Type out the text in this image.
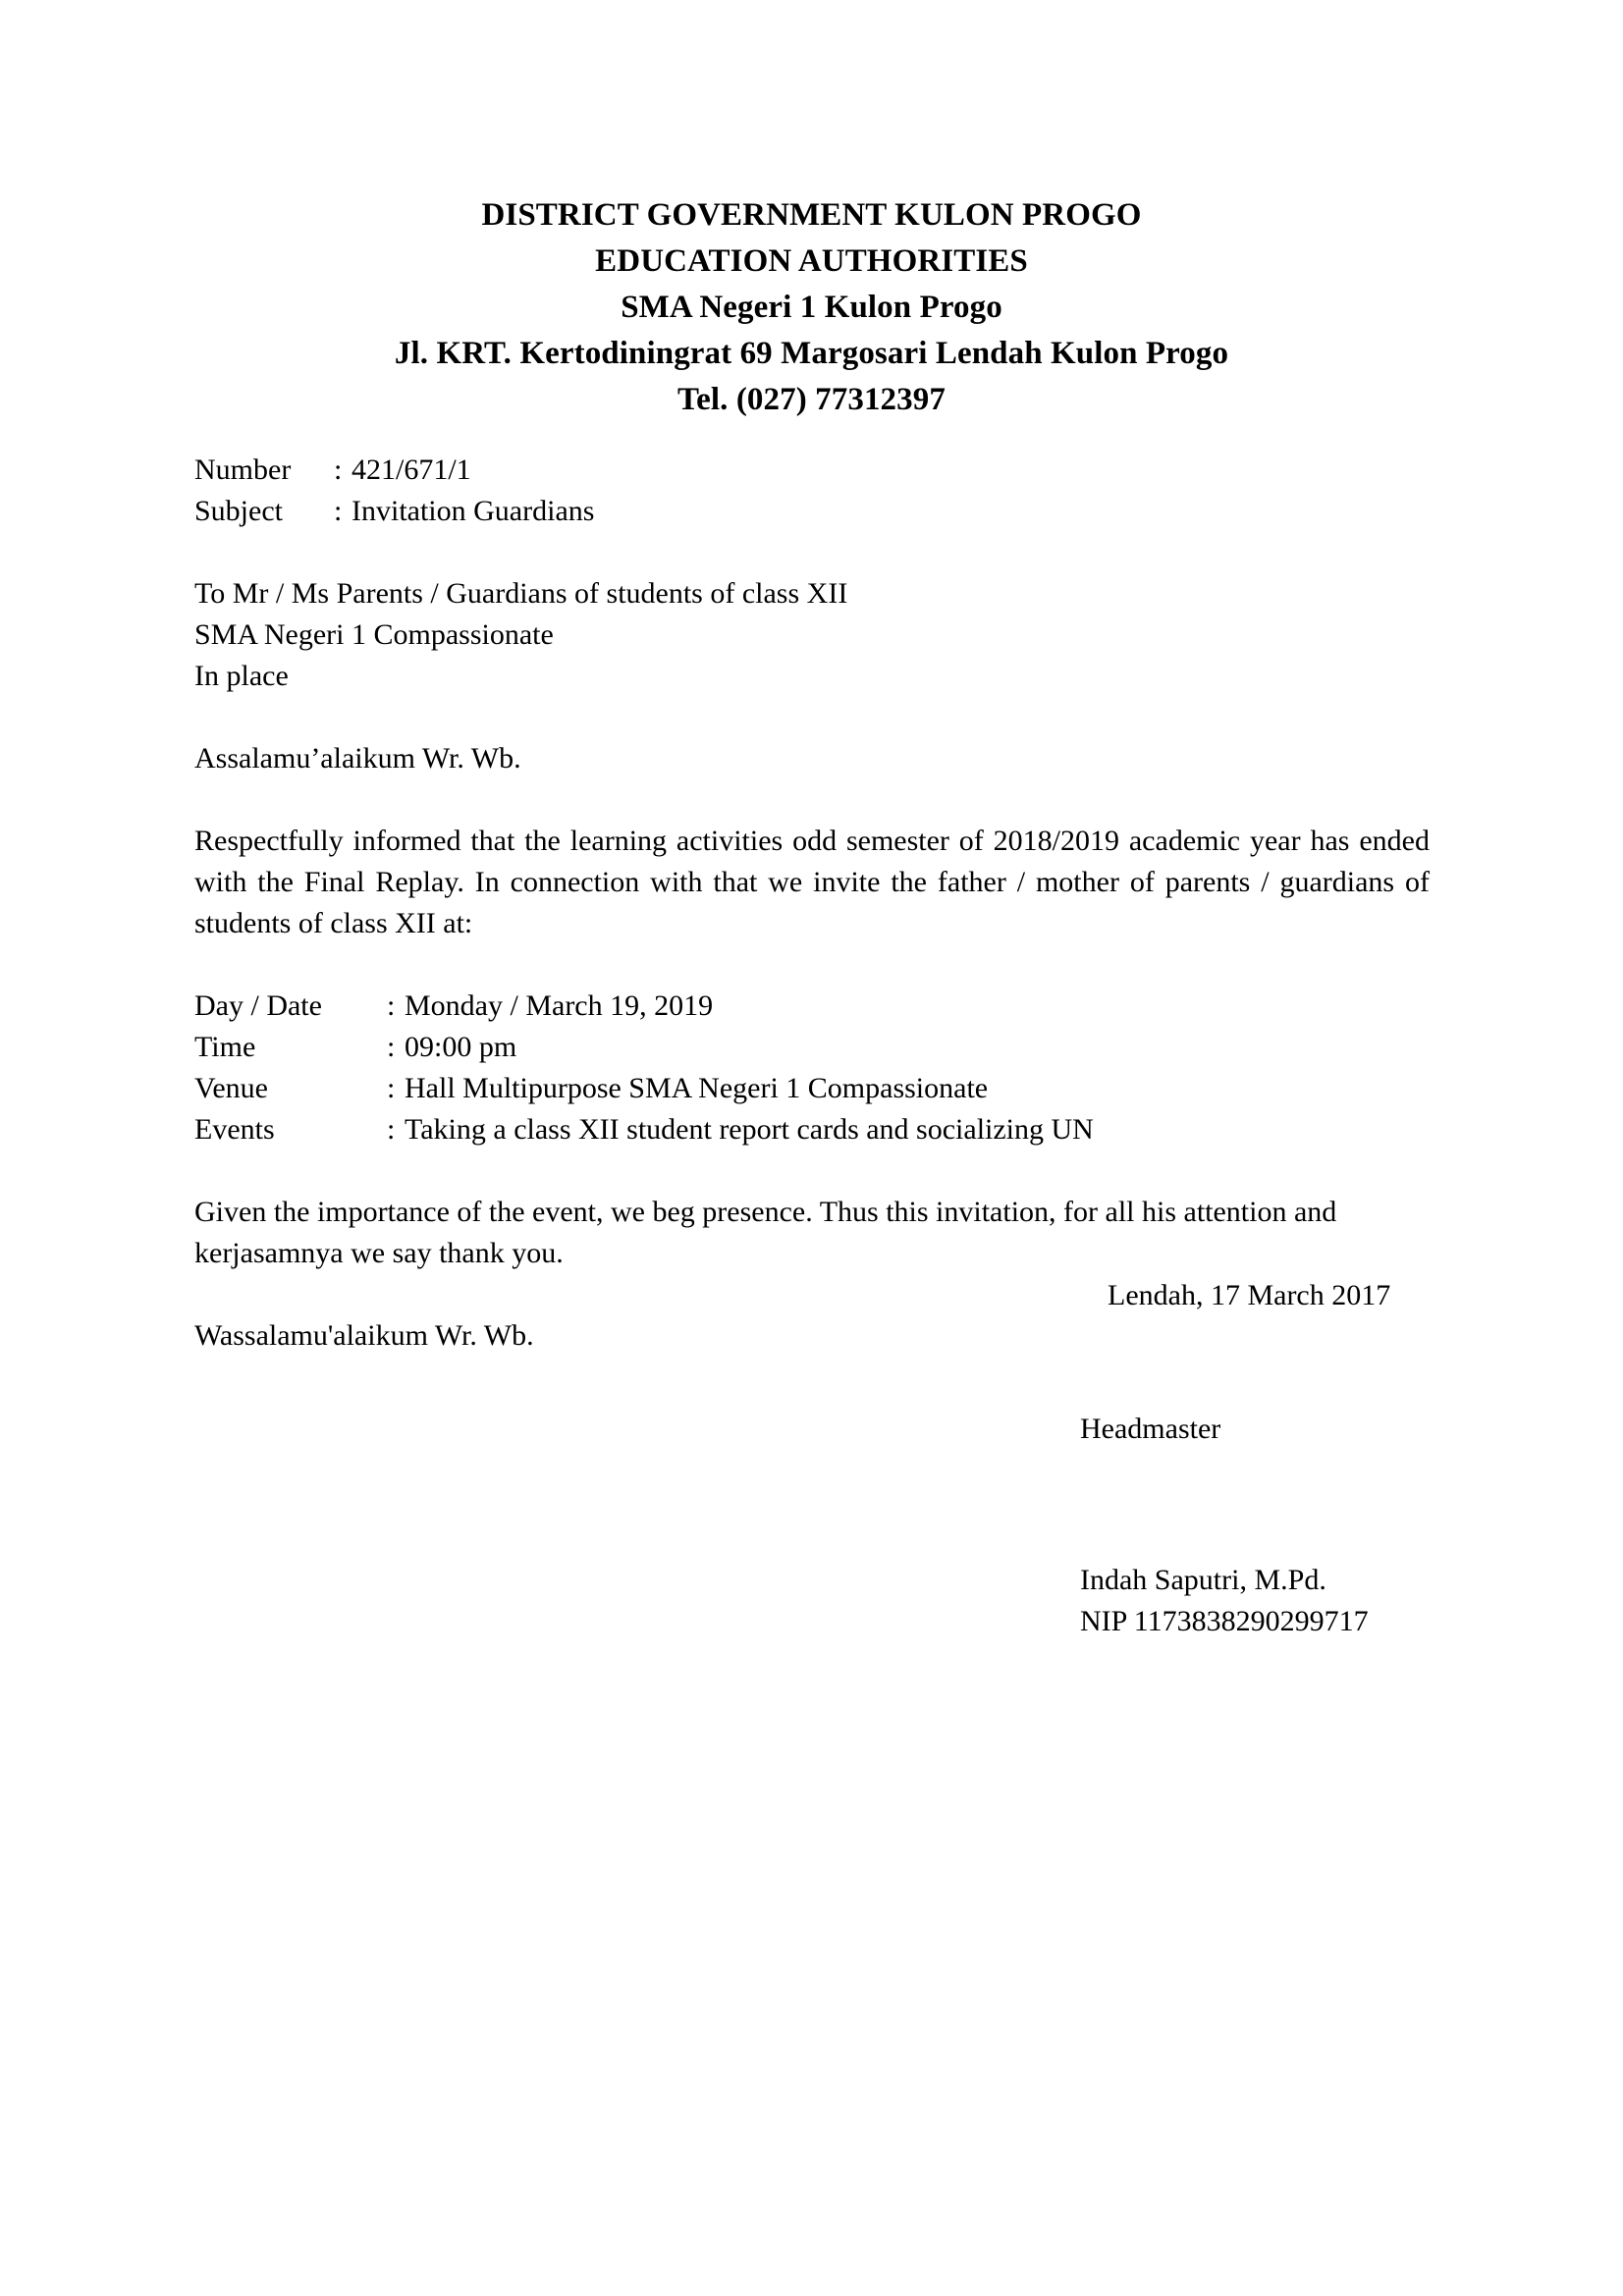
DISTRICT GOVERNMENT KULON PROGO
EDUCATION AUTHORITIES
SMA Negeri 1 Kulon Progo
Jl. KRT. Kertodiningrat 69 Margosari Lendah Kulon Progo
Tel. (027) 77312397
Number	:	421/671/1
Subject	:	Invitation Guardians
To Mr / Ms Parents / Guardians of students of class XII
SMA Negeri 1 Compassionate
In place
Assalamu’alaikum Wr. Wb.

Respectfully informed that the learning activities odd semester of 2018/2019 academic year has ended with the Final Replay. In connection with that we invite the father / mother of parents / guardians of students of class XII at:

Day / Date	:	Monday / March 19, 2019
Time	:	09:00 pm
Venue	:	Hall Multipurpose SMA Negeri 1 Compassionate
Events	:	Taking a class XII student report cards and socializing UN

Given the importance of the event, we beg presence. Thus this invitation, for all his attention and kerjasamnya we say thank you.

Wassalamu'alaikum Wr. Wb.
Lendah, 17 March 2017
Headmaster
Indah Saputri, M.Pd.
NIP 1173838290299717
